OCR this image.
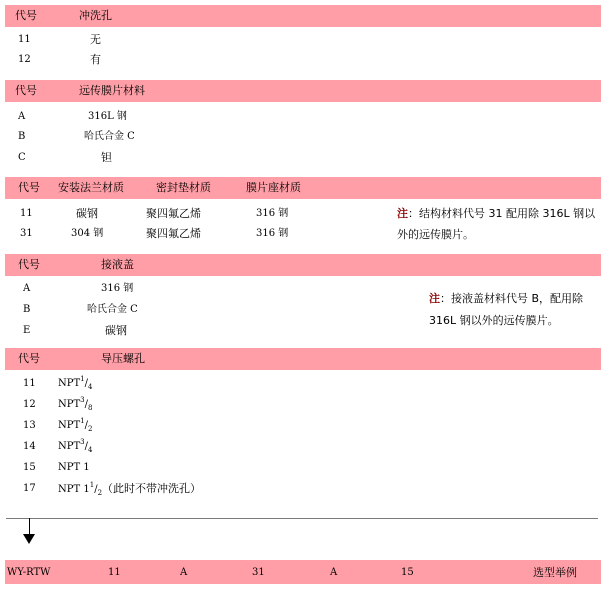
代号	冲洗孔
11	无
12	有
代号	远传膜片材料
A	316L 钢
B	哈氏合金 C
C	钽
代号 安装法兰材质	密封垫材质	膜片座材质
11	碳钢	聚四氟乙烯	316 钢
31	304 钢	聚四氟乙烯	316 钢
注：结构材料代号 31 配用除 316L 钢以
外的远传膜片。
代号	接液盖
A	316 钢
B	哈氏合金 C
E	碳钢
注：接液盖材料代号 B，配用除
316L 钢以外的远传膜片。
代号	导压螺孔
11 $NPT^1/_4$
12 $NPT^3/_8$
13 $NPT^1/_2$
14 $NPT^3/_4$
15 NPT 1
17 NPT $1^1/_2$（此时不带冲洗孔）
WY-RTW	11	A	31	A	15	选型举例
